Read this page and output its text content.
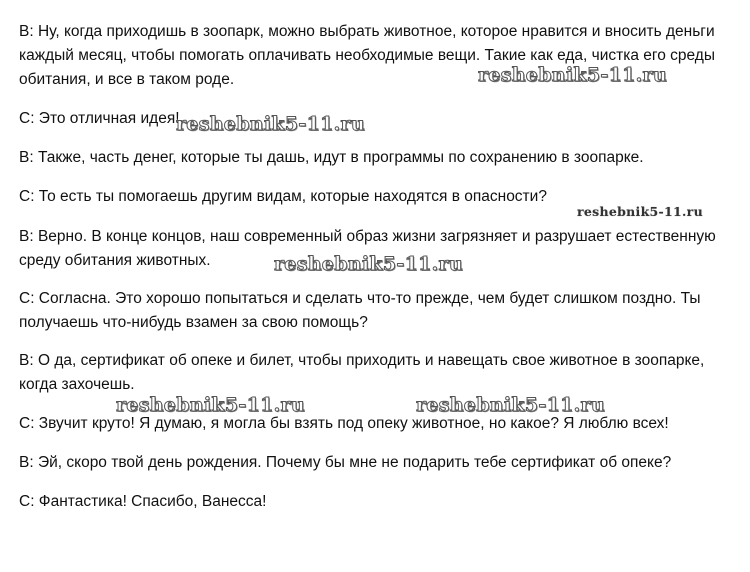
В: Ну, когда приходишь в зоопарк, можно выбрать животное, которое нравится и вносить деньги
каждый месяц, чтобы помогать оплачивать необходимые вещи. Такие как еда, чистка его среды
обитания, и все в таком роде.
С: Это отличная идея!
В: Также, часть денег, которые ты дашь, идут в программы по сохранению в зоопарке.
С: То есть ты помогаешь другим видам, которые находятся в опасности?
В: Верно. В конце концов, наш современный образ жизни загрязняет и разрушает естественную
среду обитания животных.
С: Согласна. Это хорошо попытаться и сделать что-то прежде, чем будет слишком поздно. Ты
получаешь что-нибудь взамен за свою помощь?
В: О да, сертификат об опеке и билет, чтобы приходить и навещать свое животное в зоопарке,
когда захочешь.
С: Звучит круто! Я думаю, я могла бы взять под опеку животное, но какое? Я люблю всех!
В: Эй, скоро твой день рождения. Почему бы мне не подарить тебе сертификат об опеке?
С: Фантастика! Спасибо, Ванесса!
reshebnik5-11.ru
reshebnik5-11.ru
reshebnik5-11.ru
reshebnik5-11.ru
reshebnik5-11.ru	reshebnik5-11.ru
